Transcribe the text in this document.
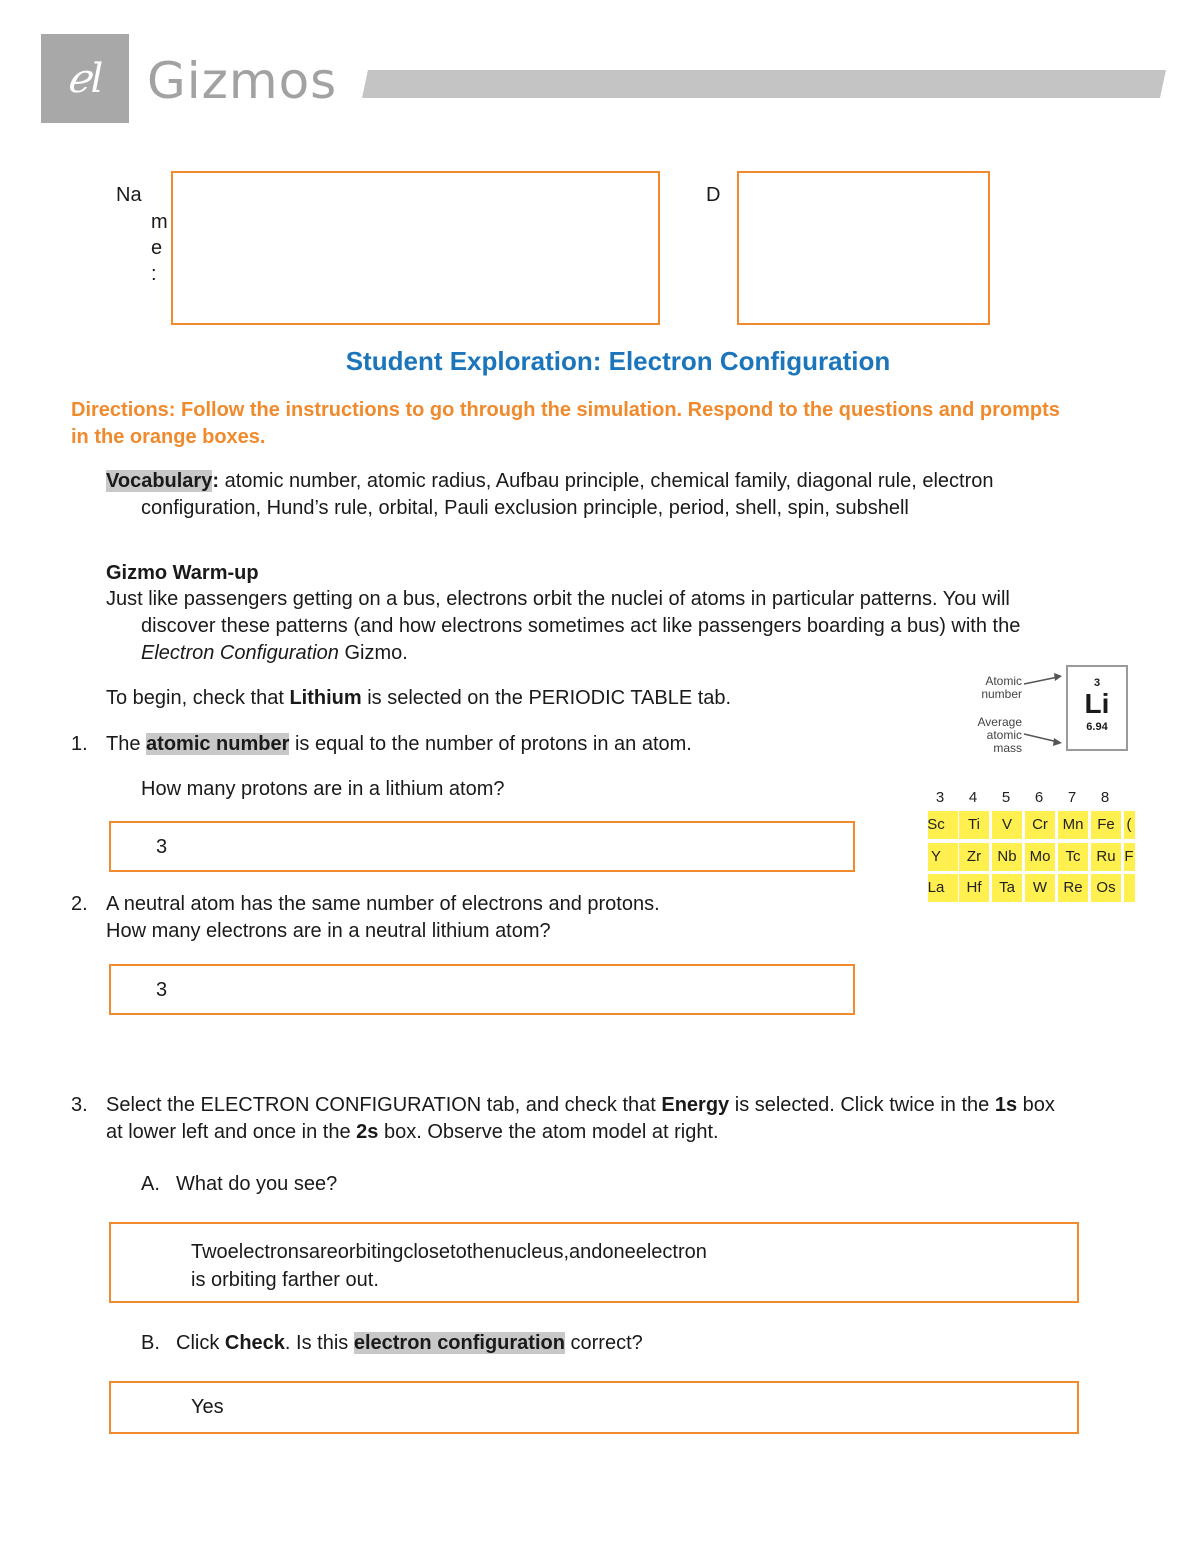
ℯl Gizmos
Na
m
e
:
D
Student Exploration: Electron Configuration
Directions: Follow the instructions to go through the simulation. Respond to the questions and prompts in the orange boxes.
Vocabulary: atomic number, atomic radius, Aufbau principle, chemical family, diagonal rule, electron
configuration, Hund’s rule, orbital, Pauli exclusion principle, period, shell, spin, subshell
Gizmo Warm-up
Just like passengers getting on a bus, electrons orbit the nuclei of atoms in particular patterns. You will
discover these patterns (and how electrons sometimes act like passengers boarding a bus) with the
Electron Configuration Gizmo.
To begin, check that Lithium is selected on the PERIODIC TABLE tab.
Atomic
number
Average
atomic
mass
3
Li
6.94
3	4	5	6	7	8
Sc	Ti	V	Cr Mn Fe (
Y	Zr	Nb Mo	Tc	Ru F
La	Hf	Ta	W	Re Os
1. The atomic number is equal to the number of protons in an atom.
How many protons are in a lithium atom?
3
2. A neutral atom has the same number of electrons and protons.
How many electrons are in a neutral lithium atom?
3
3. Select the ELECTRON CONFIGURATION tab, and check that Energy is selected. Click twice in the 1s box
at lower left and once in the 2s box. Observe the atom model at right.
A. What do you see?
Twoelectronsareorbitingclosetothenucleus,andoneelectron
is orbiting farther out.
B. Click Check. Is this electron configuration correct?
Yes
